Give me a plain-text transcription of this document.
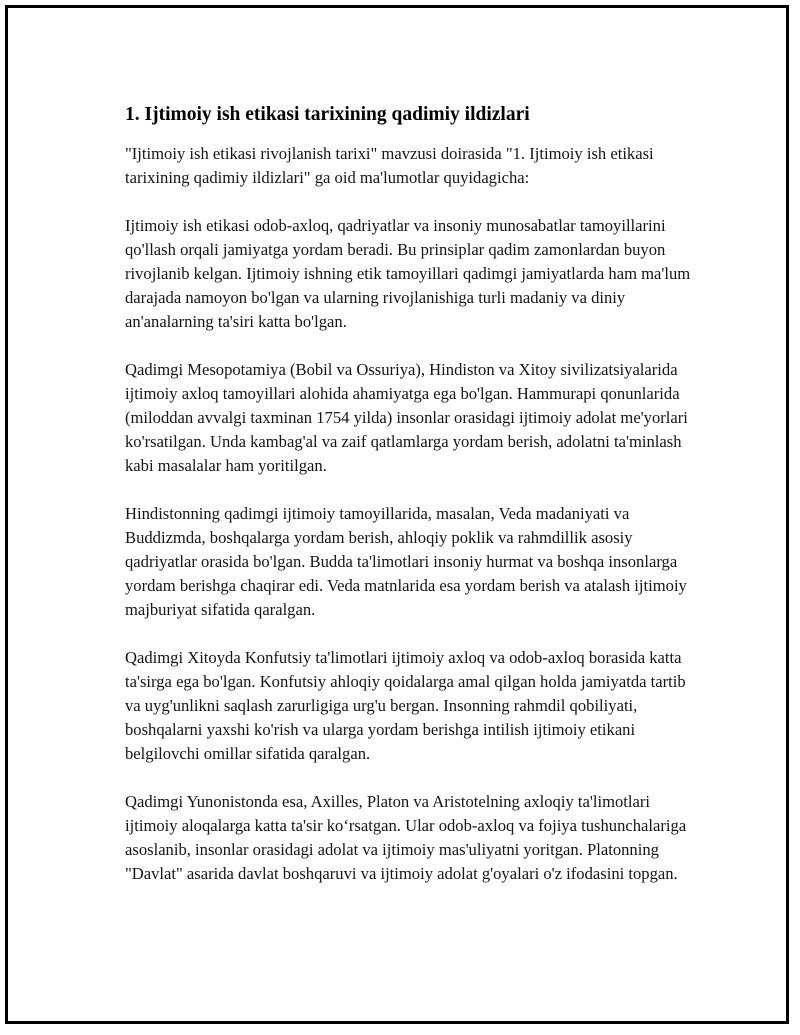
1. Ijtimoiy ish etikasi tarixining qadimiy ildizlari

"Ijtimoiy ish etikasi rivojlanish tarixi" mavzusi doirasida "1. Ijtimoiy ish etikasi tarixining qadimiy ildizlari" ga oid ma'lumotlar quyidagicha:

Ijtimoiy ish etikasi odob-axloq, qadriyatlar va insoniy munosabatlar tamoyillarini qo'llash orqali jamiyatga yordam beradi. Bu prinsiplar qadim zamonlardan buyon rivojlanib kelgan. Ijtimoiy ishning etik tamoyillari qadimgi jamiyatlarda ham ma'lum darajada namoyon bo'lgan va ularning rivojlanishiga turli madaniy va diniy an'analarning ta'siri katta bo'lgan.

Qadimgi Mesopotamiya (Bobil va Ossuriya), Hindiston va Xitoy sivilizatsiyalarida ijtimoiy axloq tamoyillari alohida ahamiyatga ega bo'lgan. Hammurapi qonunlarida (miloddan avvalgi taxminan 1754 yilda) insonlar orasidagi ijtimoiy adolat me'yorlari ko'rsatilgan. Unda kambag'al va zaif qatlamlarga yordam berish, adolatni ta'minlash kabi masalalar ham yoritilgan.

Hindistonning qadimgi ijtimoiy tamoyillarida, masalan, Veda madaniyati va Buddizmda, boshqalarga yordam berish, ahloqiy poklik va rahmdillik asosiy qadriyatlar orasida bo'lgan. Budda ta'limotlari insoniy hurmat va boshqa insonlarga yordam berishga chaqirar edi. Veda matnlarida esa yordam berish va atalash ijtimoiy majburiyat sifatida qaralgan.

Qadimgi Xitoyda Konfutsiy ta'limotlari ijtimoiy axloq va odob-axloq borasida katta ta'sirga ega bo'lgan. Konfutsiy ahloqiy qoidalarga amal qilgan holda jamiyatda tartib va uyg'unlikni saqlash zarurligiga urg'u bergan. Insonning rahmdil qobiliyati, boshqalarni yaxshi ko'rish va ularga yordam berishga intilish ijtimoiy etikani belgilovchi omillar sifatida qaralgan.

Qadimgi Yunonistonda esa, Axilles, Platon va Aristotelning axloqiy ta'limotlari ijtimoiy aloqalarga katta ta'sir ko‘rsatgan. Ular odob-axloq va fojiya tushunchalariga asoslanib, insonlar orasidagi adolat va ijtimoiy mas'uliyatni yoritgan. Platonning "Davlat" asarida davlat boshqaruvi va ijtimoiy adolat g'oyalari o'z ifodasini topgan.
